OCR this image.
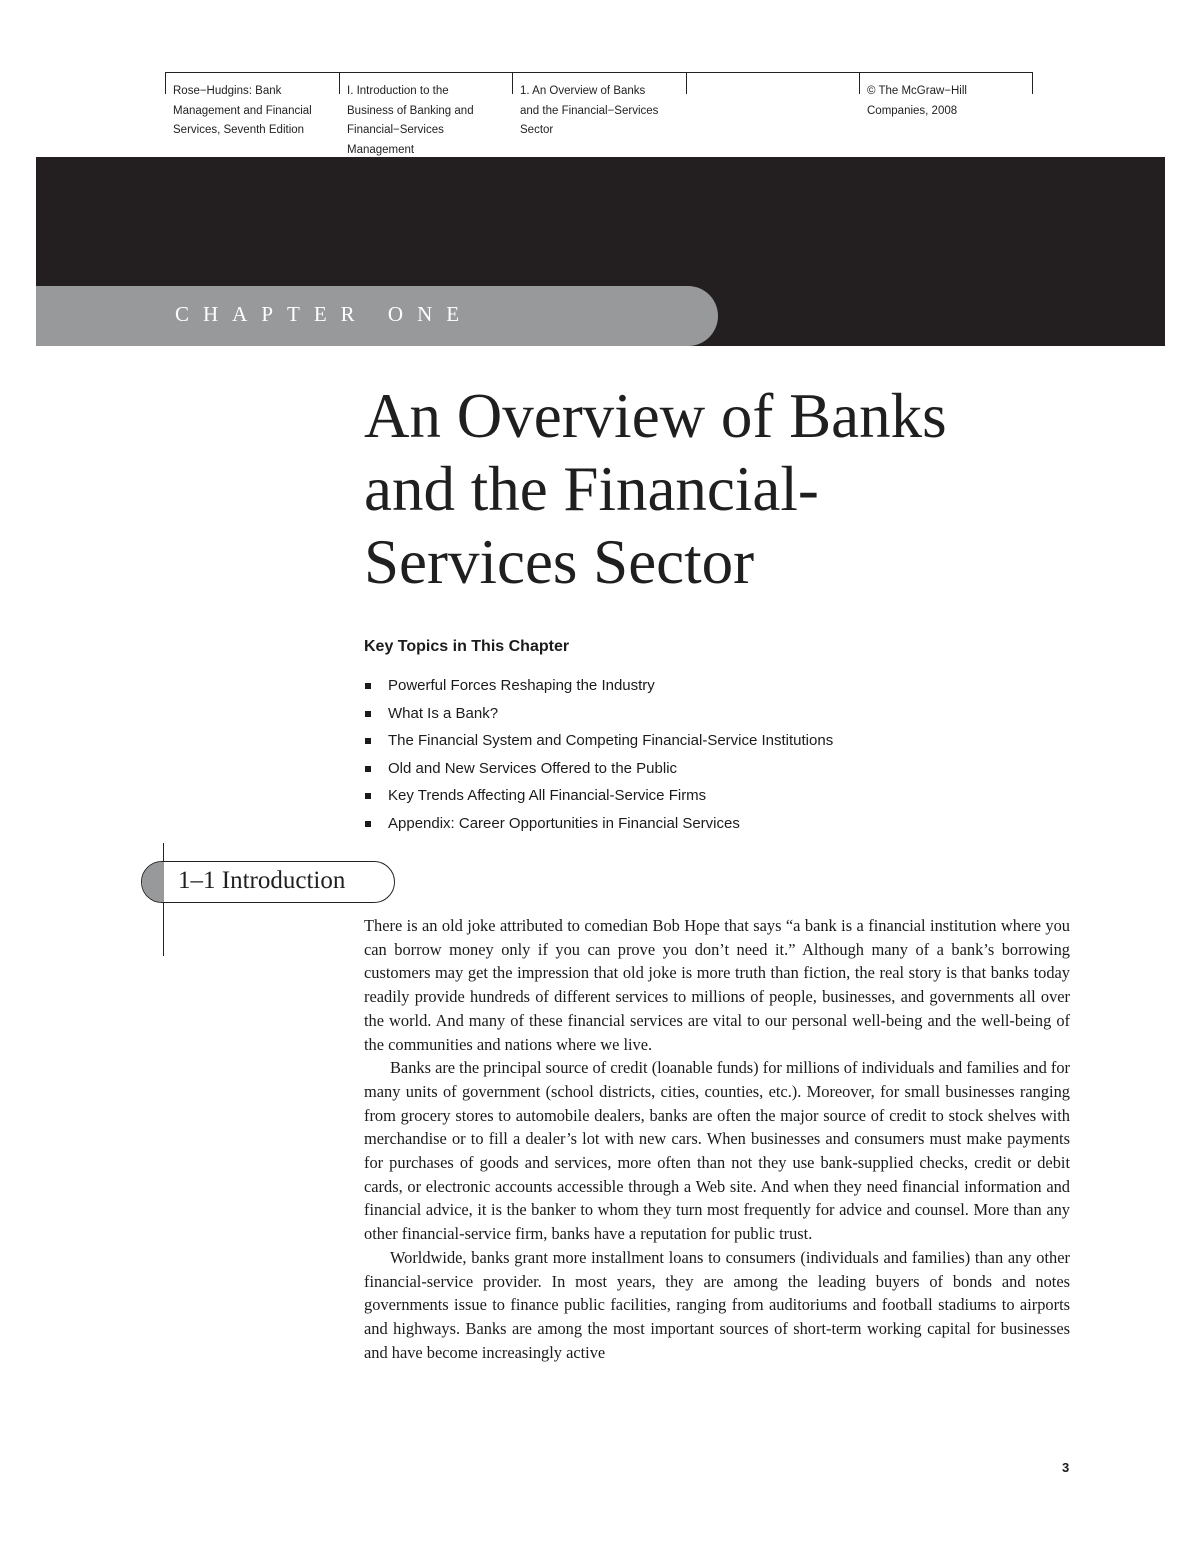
Rose−Hudgins: Bank
Management and Financial
Services, Seventh Edition
I. Introduction to the
Business of Banking and
Financial−Services
Management
1. An Overview of Banks
and the Financial−Services
Sector
© The McGraw−Hill
Companies, 2008
CHAPTER ONE
An Overview of Banks
and the Financial-
Services Sector
Key Topics in This Chapter
Powerful Forces Reshaping the Industry
What Is a Bank?
The Financial System and Competing Financial-Service Institutions
Old and New Services Offered to the Public
Key Trends Affecting All Financial-Service Firms
Appendix: Career Opportunities in Financial Services
1–1 Introduction

There is an old joke attributed to comedian Bob Hope that says “a bank is a financial institution where you can borrow money only if you can prove you don’t need it.” Although many of a bank’s borrowing customers may get the impression that old joke is more truth than fiction, the real story is that banks today readily provide hundreds of different services to millions of people, businesses, and governments all over the world. And many of these financial services are vital to our personal well-being and the well-being of the communities and nations where we live.

Banks are the principal source of credit (loanable funds) for millions of individuals and families and for many units of government (school districts, cities, counties, etc.). Moreover, for small businesses ranging from grocery stores to automobile dealers, banks are often the major source of credit to stock shelves with merchandise or to fill a dealer’s lot with new cars. When businesses and consumers must make payments for purchases of goods and services, more often than not they use bank-supplied checks, credit or debit cards, or electronic accounts accessible through a Web site. And when they need financial information and financial advice, it is the banker to whom they turn most frequently for advice and counsel. More than any other financial-service firm, banks have a reputation for public trust.

Worldwide, banks grant more installment loans to consumers (individuals and families) than any other financial-service provider. In most years, they are among the leading buyers of bonds and notes governments issue to finance public facilities, ranging from auditoriums and football stadiums to airports and highways. Banks are among the most important sources of short-term working capital for businesses and have become increasingly active

3
